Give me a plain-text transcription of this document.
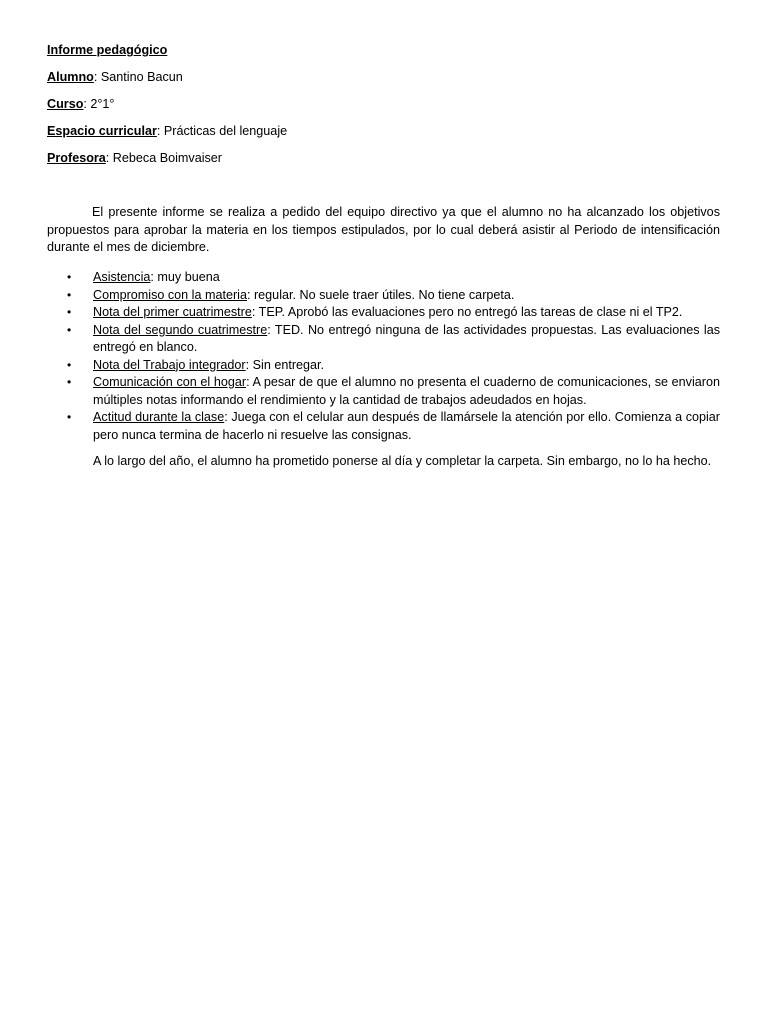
Informe pedagógico
Alumno: Santino Bacun
Curso: 2°1°
Espacio curricular: Prácticas del lenguaje
Profesora: Rebeca Boimvaiser

El presente informe se realiza a pedido del equipo directivo ya que el alumno no ha alcanzado los objetivos propuestos para aprobar la materia en los tiempos estipulados, por lo cual deberá asistir al Periodo de intensificación durante el mes de diciembre.

• Asistencia: muy buena
• Compromiso con la materia: regular. No suele traer útiles. No tiene carpeta.
• Nota del primer cuatrimestre: TEP. Aprobó las evaluaciones pero no entregó las tareas de clase ni el TP2.
• Nota del segundo cuatrimestre: TED. No entregó ninguna de las actividades propuestas. Las evaluaciones las entregó en blanco.
• Nota del Trabajo integrador: Sin entregar.
• Comunicación con el hogar: A pesar de que el alumno no presenta el cuaderno de comunicaciones, se enviaron múltiples notas informando el rendimiento y la cantidad de trabajos adeudados en hojas.
• Actitud durante la clase: Juega con el celular aun después de llamársele la atención por ello. Comienza a copiar pero nunca termina de hacerlo ni resuelve las consignas.

A lo largo del año, el alumno ha prometido ponerse al día y completar la carpeta. Sin embargo, no lo ha hecho.
